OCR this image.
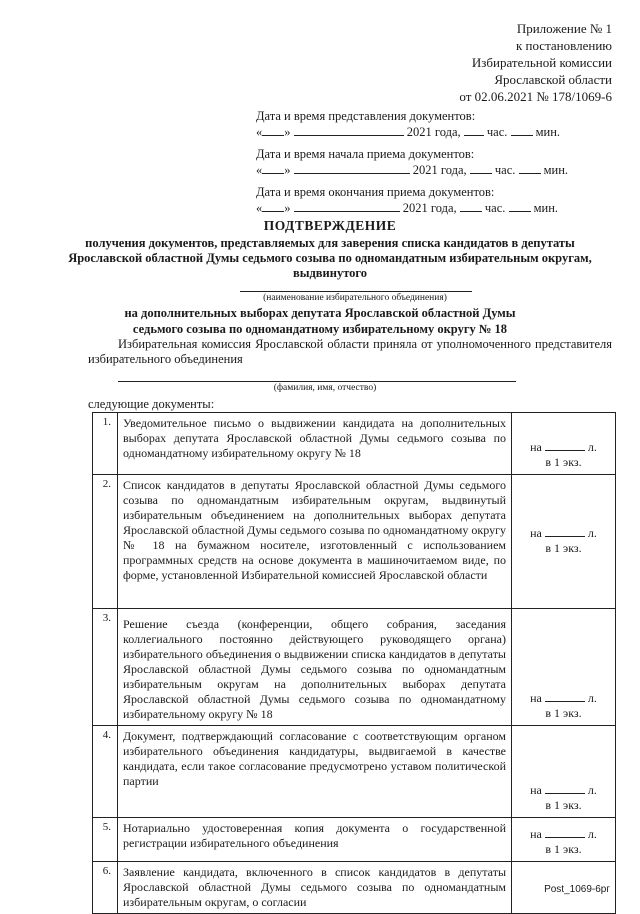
Приложение № 1
к постановлению
Избирательной комиссии
Ярославской области
от 02.06.2021 № 178/1069-6

Дата и время представления документов:

« »	2021 года, час. мин.

Дата и время начала приема документов:

« »	2021 года, час. мин.

Дата и время окончания приема документов:

« »	2021 года, час. мин.

ПОДТВЕРЖДЕНИЕ
получения документов, представляемых для заверения списка кандидатов в депутаты Ярославской областной Думы седьмого созыва по одномандатным избирательным округам, выдвинутого
(наименование избирательного объединения)
на дополнительных выборах депутата Ярославской областной Думы седьмого созыва по одномандатному избирательному округу № 18
Избирательная комиссия Ярославской области приняла от уполномоченного представителя избирательного объединения
(фамилия, имя, отчество)
следующие документы:
1.	Уведомительное письмо о выдвижении кандидата на дополнительных выборах депутата Ярославской областной Думы седьмого созыва по одномандатному избирательному округу № 18	на л.
в 1 экз.

2.	Список кандидатов в депутаты Ярославской областной Думы седьмого созыва по одномандатным избирательным округам, выдвинутый избирательным объединением на дополнительных выборах депутата Ярославской областной Думы седьмого созыва по одномандатному округу № 18 на бумажном носителе, изготовленный с использованием программных средств на основе документа в машиночитаемом виде, по форме, установленной Избирательной комиссией Ярославской области	на л.
в 1 экз.

3.	Решение съезда (конференции, общего собрания, заседания коллегиального постоянно действующего руководящего органа) избирательного объединения о выдвижении списка кандидатов в депутаты Ярославской областной Думы седьмого созыва по одномандатным избирательным округам на дополнительных выборах депутата Ярославской областной Думы седьмого созыва по одномандатному избирательному округу № 18	на л.
в 1 экз.

4.	Документ, подтверждающий согласование с соответствующим органом избирательного объединения кандидатуры, выдвигаемой в качестве кандидата, если такое согласование предусмотрено уставом политической партии	на л.
в 1 экз.

5.	Нотариально удостоверенная копия документа о государственной регистрации избирательного объединения	на л.
в 1 экз.

6.	Заявление кандидата, включенного в список кандидатов в депутаты Ярославской областной Думы седьмого созыва по одномандатным избирательным округам, о согласии	
Post_1069-6рг
